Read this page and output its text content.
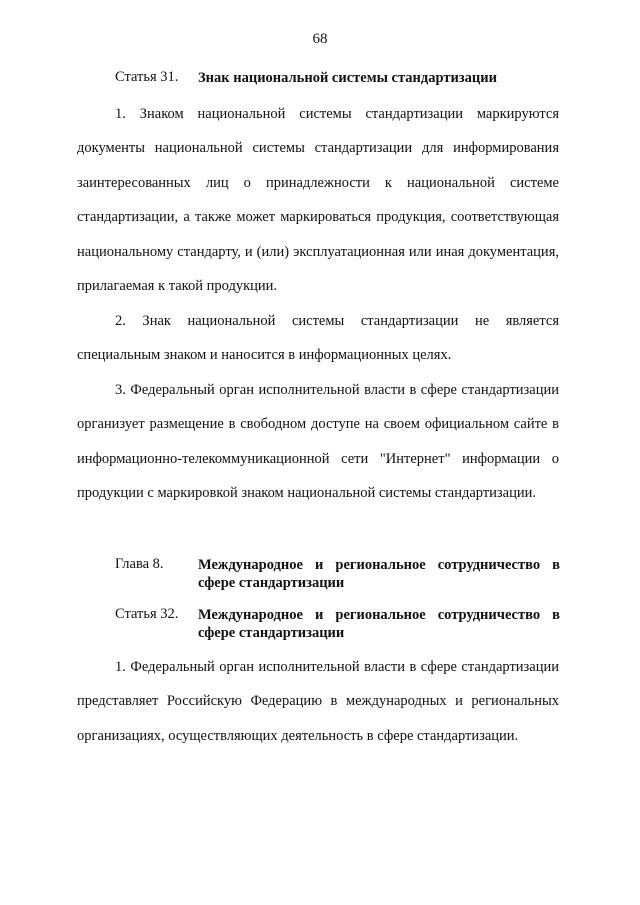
68
Статья 31. Знак национальной системы стандартизации

1. Знаком национальной системы стандартизации маркируются документы национальной системы стандартизации для информирования заинтересованных лиц о принадлежности к национальной системе стандартизации, а также может маркироваться продукция, соответствующая национальному стандарту, и (или) эксплуатационная или иная документация, прилагаемая к такой продукции.

2. Знак национальной системы стандартизации не является специальным знаком и наносится в информационных целях.

3. Федеральный орган исполнительной власти в сфере стандартизации организует размещение в свободном доступе на своем официальном сайте в информационно-телекоммуникационной сети "Интернет" информации о продукции с маркировкой знаком национальной системы стандартизации.

Глава 8. Международное и региональное сотрудничество в сфере стандартизации
Статья 32. Международное и региональное сотрудничество в сфере стандартизации

1. Федеральный орган исполнительной власти в сфере стандартизации представляет Российскую Федерацию в международных и региональных организациях, осуществляющих деятельность в сфере стандартизации.
